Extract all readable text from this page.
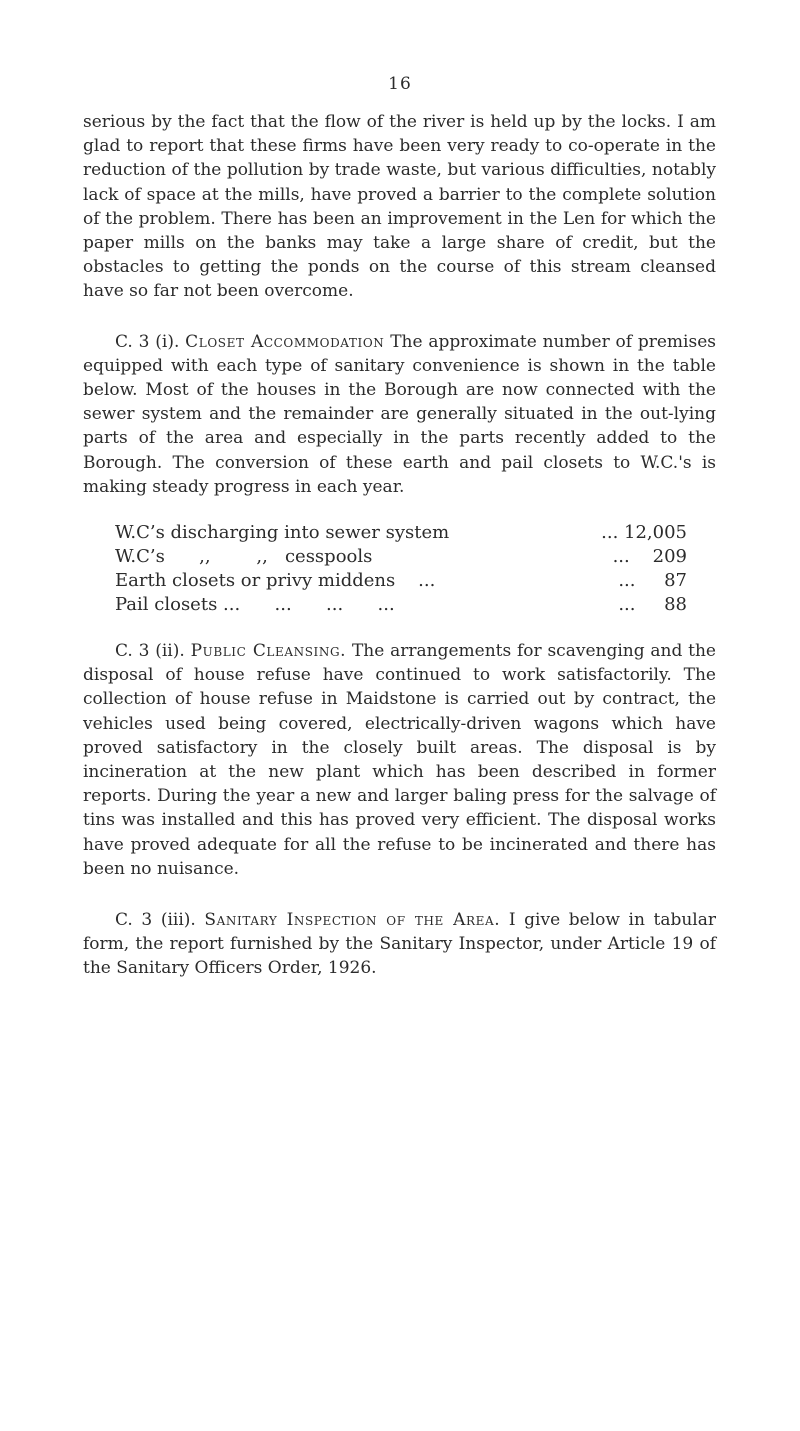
16

serious by the fact that the flow of the river is held up by the locks. I am glad to report that these firms have been very ready to co-operate in the reduction of the pollution by trade waste, but various difficulties, notably lack of space at the mills, have proved a barrier to the complete solution of the problem. There has been an improvement in the Len for which the paper mills on the banks may take a large share of credit, but the obstacles to getting the ponds on the course of this stream cleansed have so far not been overcome.

C. 3 (i). Closet Accommodation The approximate number of premises equipped with each type of sanitary convenience is shown in the table below. Most of the houses in the Borough are now connected with the sewer system and the remainder are generally situated in the out-lying parts of the area and especially in the parts recently added to the Borough. The conversion of these earth and pail closets to W.C.'s is making steady progress in each year.

W.C’s discharging into sewer system	... 12,005
W.C’s      ,,        ,,   cesspools	...    209
Earth closets or privy middens    ...	...     87
Pail closets ...      ...      ...      ...	...     88

C. 3 (ii). Public Cleansing. The arrangements for scavenging and the disposal of house refuse have continued to work satisfactorily. The collection of house refuse in Maidstone is carried out by contract, the vehicles used being covered, electrically-driven wagons which have proved satisfactory in the closely built areas. The disposal is by incineration at the new plant which has been described in former reports. During the year a new and larger baling press for the salvage of tins was installed and this has proved very efficient. The disposal works have proved adequate for all the refuse to be incinerated and there has been no nuisance.

C. 3 (iii). Sanitary Inspection of the Area. I give below in tabular form, the report furnished by the Sanitary Inspector, under Article 19 of the Sanitary Officers Order, 1926.
